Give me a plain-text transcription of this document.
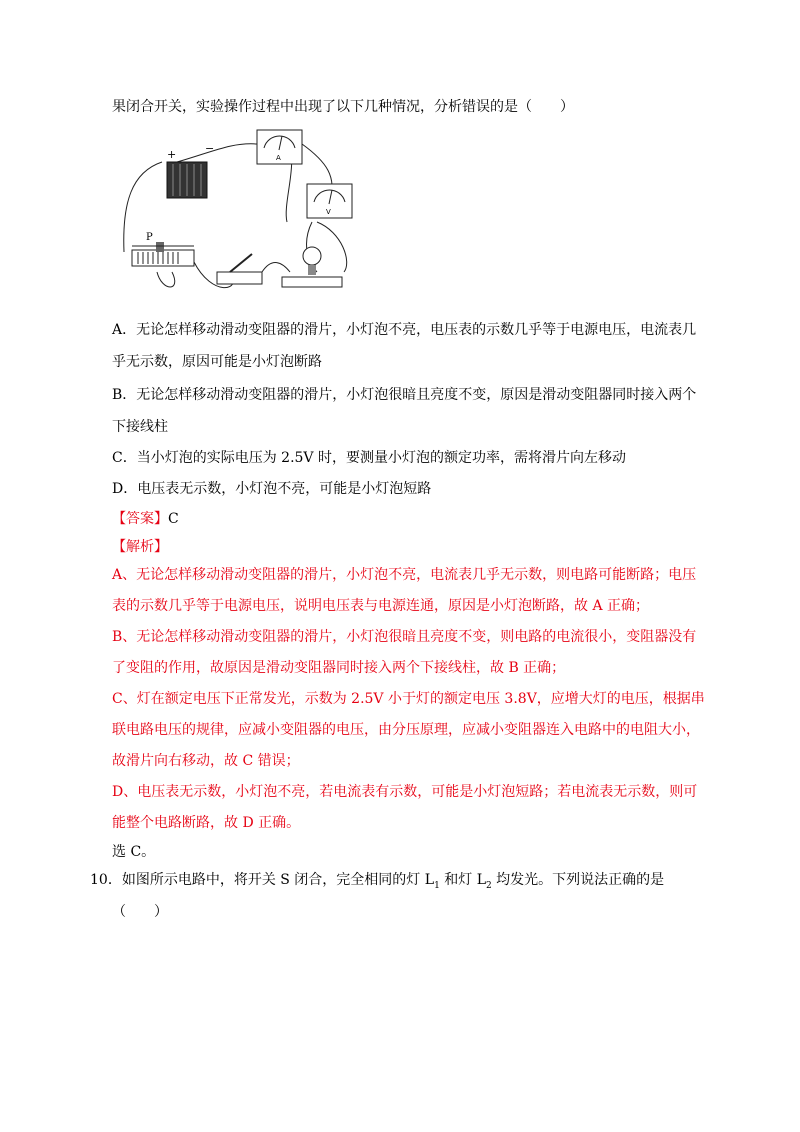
果闭合开关，实验操作过程中出现了以下几种情况，分析错误的是（　　）
+	−
A
V
P
A．无论怎样移动滑动变阻器的滑片，小灯泡不亮，电压表的示数几乎等于电源电压，电流表几
乎无示数，原因可能是小灯泡断路
B．无论怎样移动滑动变阻器的滑片，小灯泡很暗且亮度不变，原因是滑动变阻器同时接入两个
下接线柱
C．当小灯泡的实际电压为 2.5V 时，要测量小灯泡的额定功率，需将滑片向左移动
D．电压表无示数，小灯泡不亮，可能是小灯泡短路
【答案】C
【解析】
A、无论怎样移动滑动变阻器的滑片，小灯泡不亮，电流表几乎无示数，则电路可能断路；电压
表的示数几乎等于电源电压，说明电压表与电源连通，原因是小灯泡断路，故 A 正确；
B、无论怎样移动滑动变阻器的滑片，小灯泡很暗且亮度不变，则电路的电流很小，变阻器没有
了变阻的作用，故原因是滑动变阻器同时接入两个下接线柱，故 B 正确；
C、灯在额定电压下正常发光，示数为 2.5V 小于灯的额定电压 3.8V，应增大灯的电压，根据串
联电路电压的规律，应减小变阻器的电压，由分压原理，应减小变阻器连入电路中的电阻大小，
故滑片向右移动，故 C 错误；
D、电压表无示数，小灯泡不亮，若电流表有示数，可能是小灯泡短路；若电流表无示数，则可
能整个电路断路，故 D 正确。
选 C。
10．如图所示电路中，将开关 S 闭合，完全相同的灯 $L_1$ 和灯 $L_2$ 均发光。下列说法正确的是
（　　）
